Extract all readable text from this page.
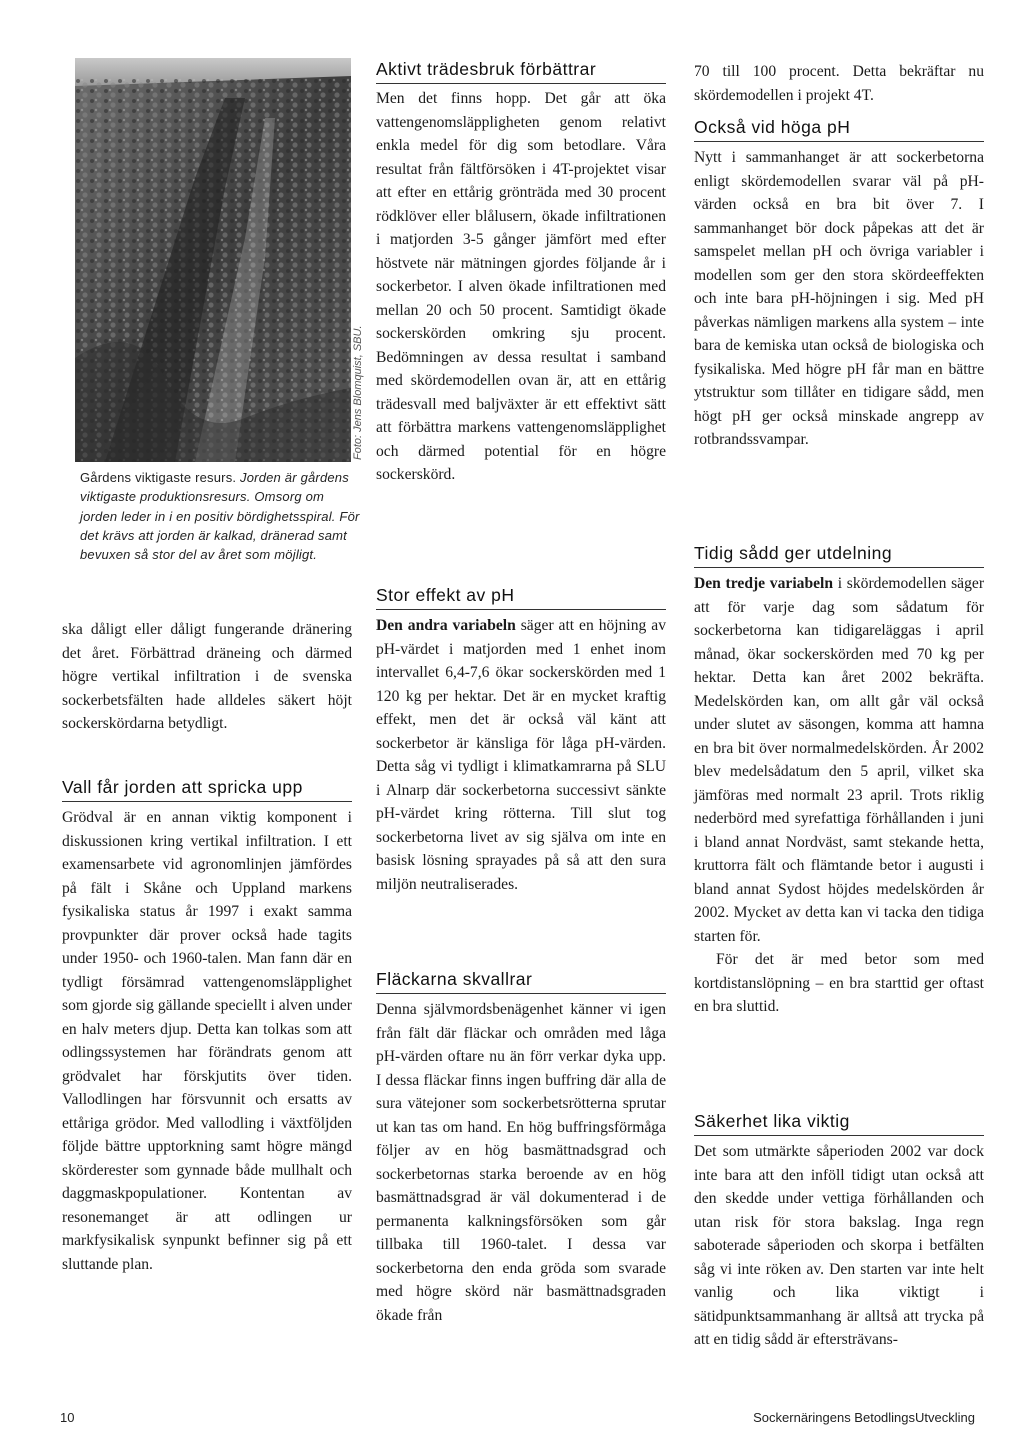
Foto: Jens Blomquist, SBU.
Gårdens viktigaste resurs. Jorden är gårdens viktigaste produktionsresurs. Omsorg om jorden leder in i en positiv bördighetsspiral. För det krävs att jorden är kalkad, dränerad samt bevuxen så stor del av året som möjligt.

ska dåligt eller dåligt fungerande dränering det året. Förbättrad dräneing och därmed högre vertikal infiltration i de svenska sockerbetsfälten hade alldeles säkert höjt sockerskördarna betydligt.

Vall får jorden att spricka upp

Grödval är en annan viktig komponent i diskussionen kring vertikal infiltration. I ett examensarbete vid agronomlinjen jämfördes på fält i Skåne och Uppland markens fysikaliska status år 1997 i exakt samma provpunkter där prover också hade tagits under 1950- och 1960-talen. Man fann där en tydligt försämrad vattengenomsläpplighet som gjorde sig gällande speciellt i alven under en halv meters djup. Detta kan tolkas som att odlingssystemen har förändrats genom att grödvalet har förskjutits över tiden. Vallodlingen har försvunnit och ersatts av ettåriga grödor. Med vallodling i växtföljden följde bättre upptorkning samt högre mängd skörderester som gynnade både mullhalt och daggmaskpopulationer. Kontentan av resonemanget är att odlingen ur markfysikalisk synpunkt befinner sig på ett sluttande plan.

Aktivt trädesbruk förbättrar

Men det finns hopp. Det går att öka vattengenomsläppligheten genom relativt enkla medel för dig som betodlare. Våra resultat från fältförsöken i 4T-projektet visar att efter en ettårig grönträda med 30 procent rödklöver eller blålusern, ökade infiltrationen i matjorden 3-5 gånger jämfört med efter höstvete när mätningen gjordes följande år i sockerbetor. I alven ökade infiltrationen med mellan 20 och 50 procent. Samtidigt ökade sockerskörden omkring sju procent. Bedömningen av dessa resultat i samband med skördemodellen ovan är, att en ettårig trädesvall med baljväxter är ett effektivt sätt att förbättra markens vattengenomsläpplighet och därmed potential för en högre sockerskörd.

Stor effekt av pH

Den andra variabeln säger att en höjning av pH-värdet i matjorden med 1 enhet inom intervallet 6,4-7,6 ökar sockerskörden med 1 120 kg per hektar. Det är en mycket kraftig effekt, men det är också väl känt att sockerbetor är känsliga för låga pH-värden. Detta såg vi tydligt i klimatkamrarna på SLU i Alnarp där sockerbetorna successivt sänkte pH-värdet kring rötterna. Till slut tog sockerbetorna livet av sig själva om inte en basisk lösning sprayades på så att den sura miljön neutraliserades.

Fläckarna skvallrar

Denna självmordsbenägenhet känner vi igen från fält där fläckar och områden med låga pH-värden oftare nu än förr verkar dyka upp. I dessa fläckar finns ingen buffring där alla de sura vätejoner som sockerbetsrötterna sprutar ut kan tas om hand. En hög buffringsförmåga följer av en hög basmättnadsgrad och sockerbetornas starka beroende av en hög basmättnadsgrad är väl dokumenterad i de permanenta kalkningsförsöken som går tillbaka till 1960-talet. I dessa var sockerbetorna den enda gröda som svarade med högre skörd när basmättnadsgraden ökade från

70 till 100 procent. Detta bekräftar nu skördemodellen i projekt 4T.

Också vid höga pH

Nytt i sammanhanget är att sockerbetorna enligt skördemodellen svarar väl på pH-värden också en bra bit över 7. I sammanhanget bör dock påpekas att det är samspelet mellan pH och övriga variabler i modellen som ger den stora skördeeffekten och inte bara pH-höjningen i sig. Med pH påverkas nämligen markens alla system – inte bara de kemiska utan också de biologiska och fysikaliska. Med högre pH får man en bättre ytstruktur som tillåter en tidigare sådd, men högt pH ger också minskade angrepp av rotbrandssvampar.

Tidig sådd ger utdelning

Den tredje variabeln i skördemodellen säger att för varje dag som sådatum för sockerbetorna kan tidigareläggas i april månad, ökar sockerskörden med 70 kg per hektar. Detta kan året 2002 bekräfta. Medelskörden kan, om allt går väl också under slutet av säsongen, komma att hamna en bra bit över normalmedelskörden. År 2002 blev medelsådatum den 5 april, vilket ska jämföras med normalt 23 april. Trots riklig nederbörd med syrefattiga förhållanden i juni i bland annat Nordväst, samt stekande hetta, kruttorra fält och flämtande betor i augusti i bland annat Sydost höjdes medelskörden år 2002. Mycket av detta kan vi tacka den tidiga starten för.

För det är med betor som med kortdistanslöpning – en bra starttid ger oftast en bra sluttid.

Säkerhet lika viktig

Det som utmärkte såperioden 2002 var dock inte bara att den inföll tidigt utan också att den skedde under vettiga förhållanden och utan risk för stora bakslag. Inga regn saboterade såperioden och skorpa i betfälten såg vi inte röken av. Den starten var inte helt vanlig och lika viktigt i sätidpunktsammanhang är alltså att trycka på att en tidig sådd är eftersträvans-

10	Sockernäringens BetodlingsUtveckling
